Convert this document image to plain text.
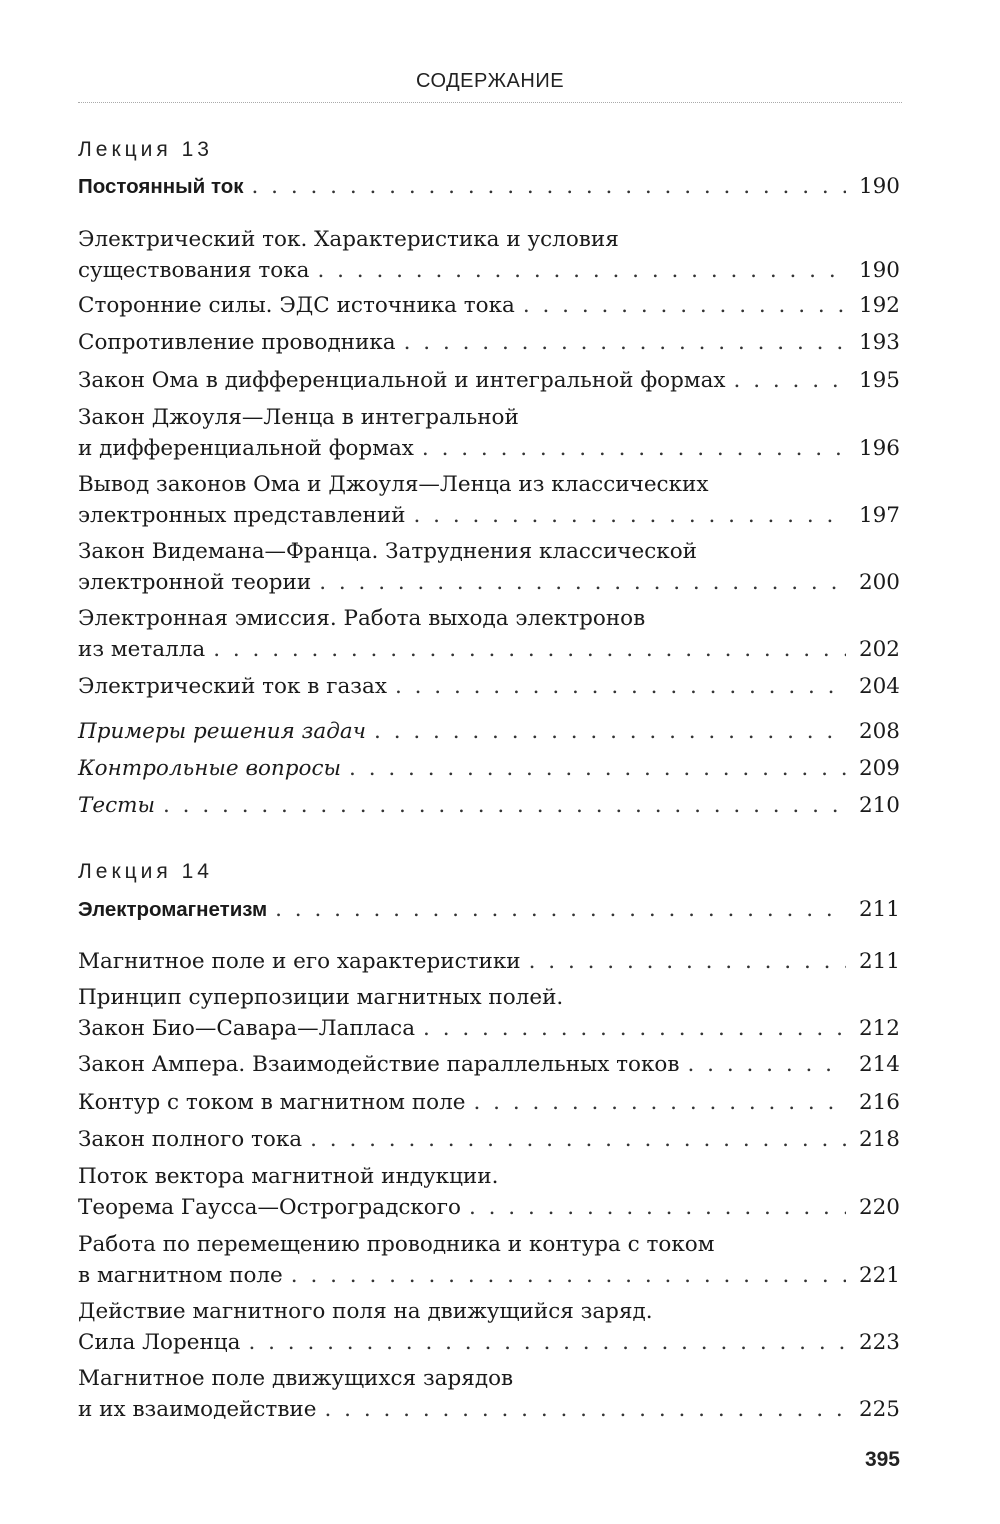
СОДЕРЖАНИЕ
Лекция 13
Постоянный ток . . .	190
Электрический ток. Характеристика и условия
существования тока . . .	190
Сторонние силы. ЭДС источника тока . . .	192
Сопротивление проводника . . .	193
Закон Ома в дифференциальной и интегральной формах . . .	195
Закон Джоуля—Ленца в интегральной
и дифференциальной формах . . .	196
Вывод законов Ома и Джоуля—Ленца из классических
электронных представлений . . .	197
Закон Видемана—Франца. Затруднения классической
электронной теории . . .	200
Электронная эмиссия. Работа выхода электронов
из металла . . .	202
Электрический ток в газах . . .	204
Примеры решения задач . . .	208
Контрольные вопросы . . .	209
Тесты . . .	210
Лекция 14
Электромагнетизм . . .	211
Магнитное поле и его характеристики . . .	211
Принцип суперпозиции магнитных полей.
Закон Био—Савара—Лапласа . . .	212
Закон Ампера. Взаимодействие параллельных токов . . .	214
Контур с током в магнитном поле . . .	216
Закон полного тока . . .	218
Поток вектора магнитной индукции.
Теорема Гаусса—Остроградского . . .	220
Работа по перемещению проводника и контура с током
в магнитном поле . . .	221
Действие магнитного поля на движущийся заряд.
Сила Лоренца . . .	223
Магнитное поле движущихся зарядов
и их взаимодействие . . .	225
395
